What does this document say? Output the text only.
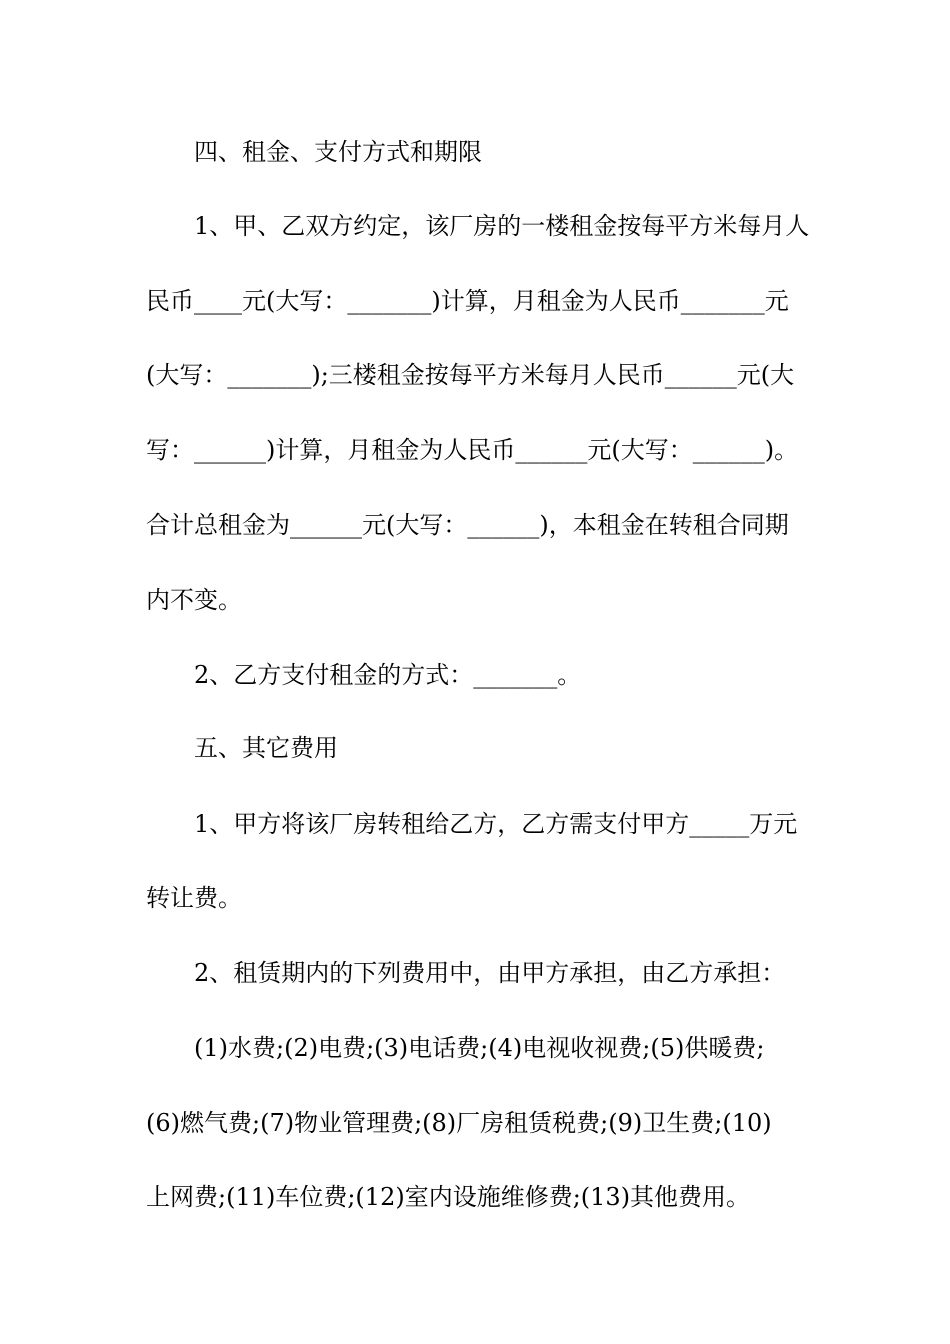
四、租金、支付方式和期限
1、甲、乙双方约定，该厂房的一楼租金按每平方米每月人
民币____元(大写：_______)计算，月租金为人民币_______元
(大写：_______);三楼租金按每平方米每月人民币______元(大
写：______)计算，月租金为人民币______元(大写：______)。
合计总租金为______元(大写：______)，本租金在转租合同期
内不变。
2、乙方支付租金的方式：_______。
五、其它费用
1、甲方将该厂房转租给乙方，乙方需支付甲方_____万元
转让费。
2、租赁期内的下列费用中，由甲方承担，由乙方承担：
(1)水费;(2)电费;(3)电话费;(4)电视收视费;(5)供暖费;
(6)燃气费;(7)物业管理费;(8)厂房租赁税费;(9)卫生费;(10)
上网费;(11)车位费;(12)室内设施维修费;(13)其他费用。
